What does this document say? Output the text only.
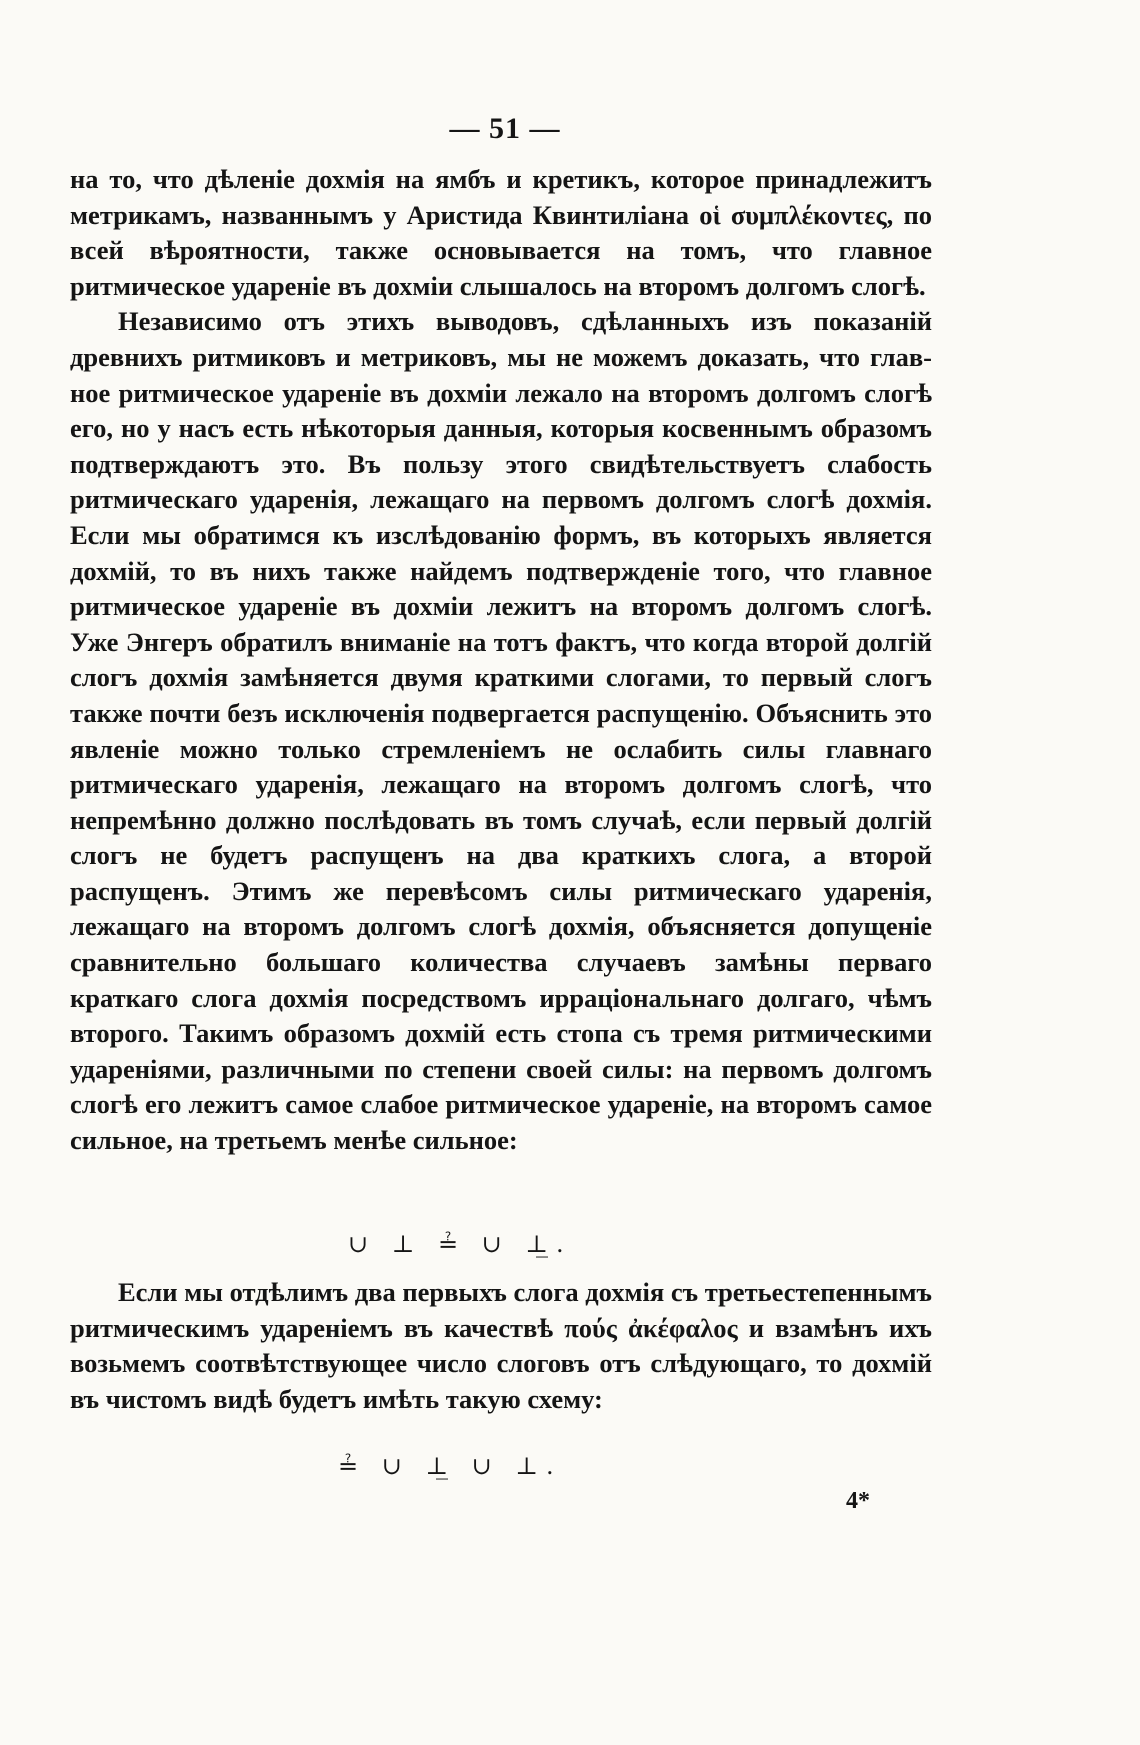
— 51 —

на то, что дѣленіе дохмія на ямбъ и кретикъ, которое принадлежитъ метрикамъ, названнымъ у Аристида Квинтиліана οἱ συμπλέκοντες, по всей вѣроятности, также основывается на томъ, что главное ритмическое удареніе въ дохміи слышалось на второмъ долгомъ слогѣ.

Независимо отъ этихъ выводовъ, сдѣланныхъ изъ показаній древнихъ ритмиковъ и метриковъ, мы не можемъ доказать, что главное ритмическое удареніе въ дохміи лежало на второмъ долгомъ слогѣ его, но у насъ есть нѣкоторыя данныя, которыя косвеннымъ образомъ подтверждаютъ это. Въ пользу этого свидѣтельствуетъ слабость ритмическаго ударенія, лежащаго на первомъ долгомъ слогѣ дохмія. Если мы обратимся къ изслѣдованію формъ, въ которыхъ является дохмій, то въ нихъ также найдемъ подтвержденіе того, что главное ритмическое удареніе въ дохміи лежитъ на второмъ долгомъ слогѣ. Уже Энгеръ обратилъ вниманіе на тотъ фактъ, что когда второй долгій слогъ дохмія замѣняется двумя краткими слогами, то первый слогъ также почти безъ исключенія подвергается распущенію. Объяснить это явленіе можно только стремленіемъ не ослабить силы главнаго ритмическаго ударенія, лежащаго на второмъ долгомъ слогѣ, что непремѣнно должно послѣдовать въ томъ случаѣ, если первый долгій слогъ не будетъ распущенъ на два краткихъ слога, а второй распущенъ. Этимъ же перевѣсомъ силы ритмическаго ударенія, лежащаго на второмъ долгомъ слогѣ дохмія, объясняется допущеніе сравнительно большаго количества случаевъ замѣны перваго краткаго слога дохмія посредствомъ ирраціональнаго долгаго, чѣмъ второго. Такимъ образомъ дохмій есть стопа съ тремя ритмическими удареніями, различными по степени своей силы: на первомъ долгомъ слогѣ его лежитъ самое слабое ритмическое удареніе, на второмъ самое сильное, на третьемъ менѣе сильное:

∪ ⊥ ≟ ∪ ⊥̲.

Если мы отдѣлимъ два первыхъ слога дохмія съ третьестепеннымъ ритмическимъ удареніемъ въ качествѣ πούς ἀκέφαλος и взамѣнъ ихъ возьмемъ соотвѣтствующее число слоговъ отъ слѣдующаго, то дохмій въ чистомъ видѣ будетъ имѣть такую схему:

≟ ∪ ⊥̲ ∪ ⊥.
4*
